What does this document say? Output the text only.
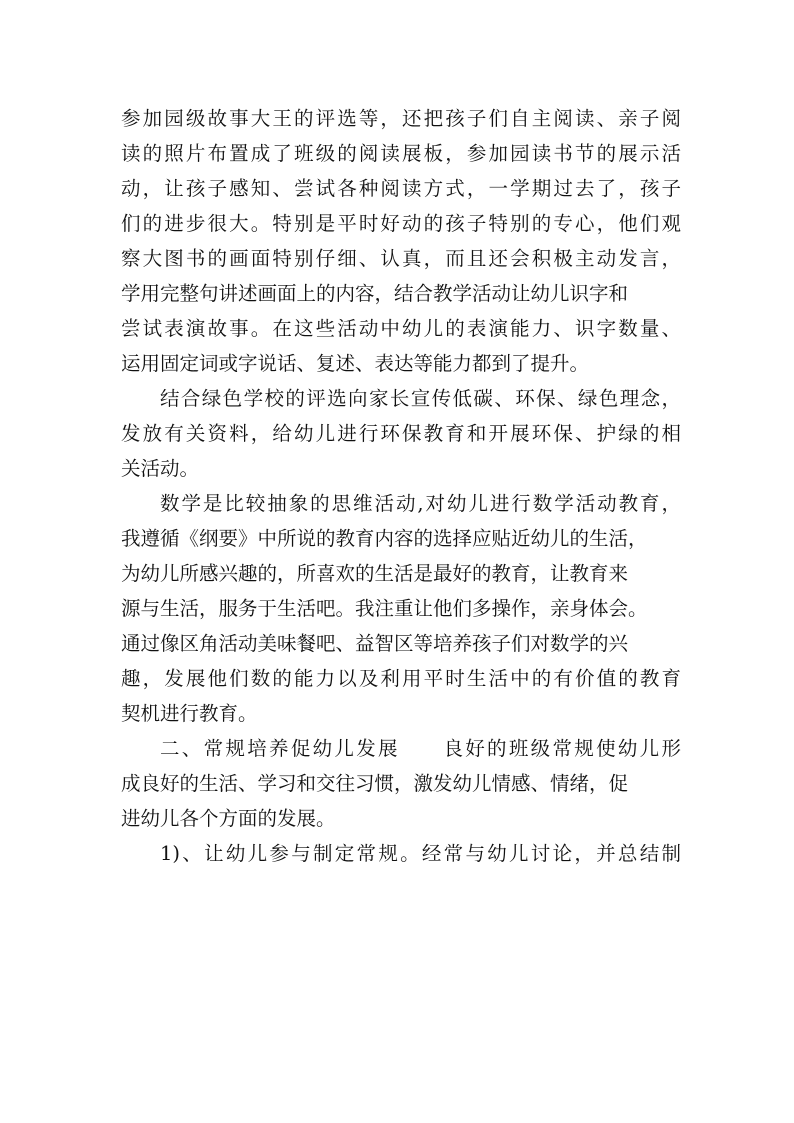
参加园级故事大王的评选等，还把孩子们自主阅读、亲子阅
读的照片布置成了班级的阅读展板，参加园读书节的展示活
动，让孩子感知、尝试各种阅读方式，一学期过去了，孩子
们的进步很大。特别是平时好动的孩子特别的专心，他们观
察大图书的画面特别仔细、认真，而且还会积极主动发言，
学用完整句讲述画面上的内容，结合教学活动让幼儿识字和
尝试表演故事。在这些活动中幼儿的表演能力、识字数量、
运用固定词或字说话、复述、表达等能力都到了提升。
结合绿色学校的评选向家长宣传低碳、环保、绿色理念，
发放有关资料，给幼儿进行环保教育和开展环保、护绿的相
关活动。
数学是比较抽象的思维活动,对幼儿进行数学活动教育，
我遵循《纲要》中所说的教育内容的选择应贴近幼儿的生活，
为幼儿所感兴趣的，所喜欢的生活是最好的教育，让教育来
源与生活，服务于生活吧。我注重让他们多操作，亲身体会。
通过像区角活动美味餐吧、益智区等培养孩子们对数学的兴
趣，发展他们数的能力以及利用平时生活中的有价值的教育
契机进行教育。
二、常规培养促幼儿发展　　良好的班级常规使幼儿形
成良好的生活、学习和交往习惯，激发幼儿情感、情绪，促
进幼儿各个方面的发展。
1)、让幼儿参与制定常规。经常与幼儿讨论，并总结制
